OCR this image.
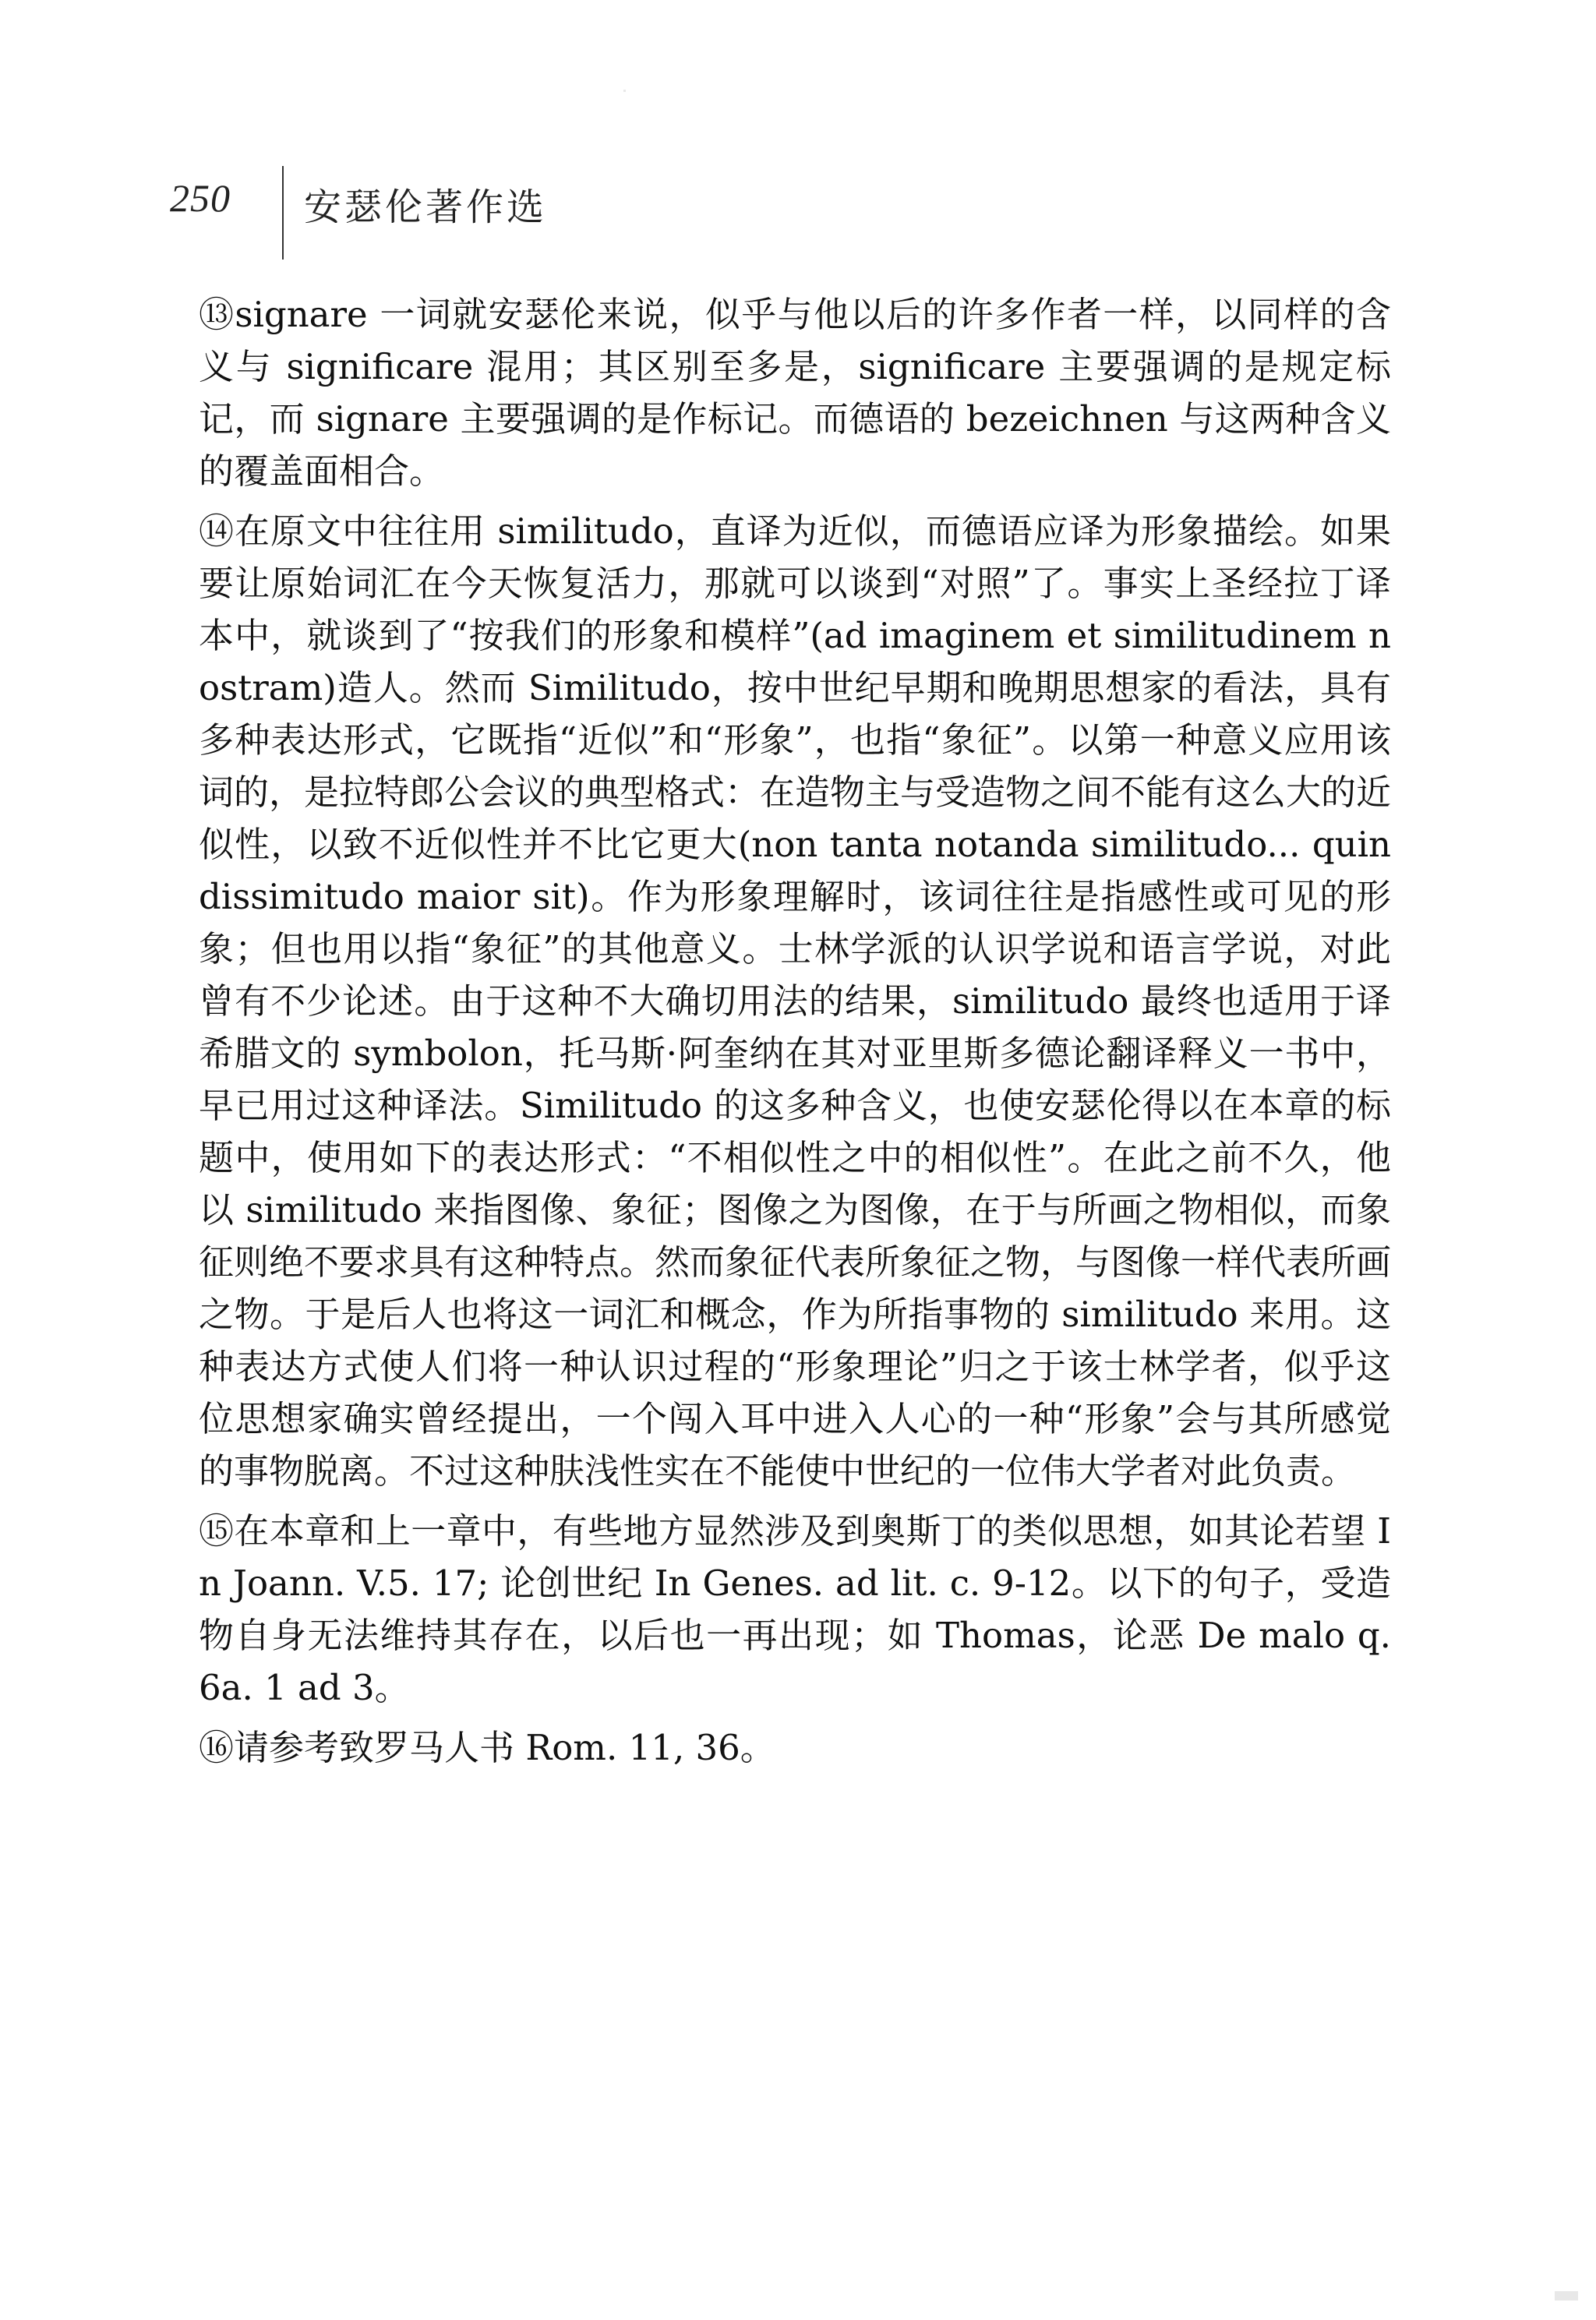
250 安瑟伦著作选

⑬signare 一词就安瑟伦来说，似乎与他以后的许多作者一样，以同样的含义与 significare 混用；其区别至多是，significare 主要强调的是规定标记，而 signare 主要强调的是作标记。而德语的 bezeichnen 与这两种含义的覆盖面相合。

⑭在原文中往往用 similitudo，直译为近似，而德语应译为形象描绘。如果要让原始词汇在今天恢复活力，那就可以谈到“对照”了。事实上圣经拉丁译本中，就谈到了“按我们的形象和模样”(ad imaginem et similitudinem nostram)造人。然而 Similitudo，按中世纪早期和晚期思想家的看法，具有多种表达形式，它既指“近似”和“形象”，也指“象征”。以第一种意义应用该词的，是拉特郎公会议的典型格式：在造物主与受造物之间不能有这么大的近似性，以致不近似性并不比它更大(non tanta notanda similitudo... quin dissimitudo maior sit)。作为形象理解时，该词往往是指感性或可见的形象；但也用以指“象征”的其他意义。士林学派的认识学说和语言学说，对此曾有不少论述。由于这种不大确切用法的结果，similitudo 最终也适用于译希腊文的 symbolon，托马斯·阿奎纳在其对亚里斯多德论翻译释义一书中，早已用过这种译法。Similitudo 的这多种含义，也使安瑟伦得以在本章的标题中，使用如下的表达形式：“不相似性之中的相似性”。在此之前不久，他以 similitudo 来指图像、象征；图像之为图像，在于与所画之物相似，而象征则绝不要求具有这种特点。然而象征代表所象征之物，与图像一样代表所画之物。于是后人也将这一词汇和概念，作为所指事物的 similitudo 来用。这种表达方式使人们将一种认识过程的“形象理论”归之于该士林学者，似乎这位思想家确实曾经提出，一个闯入耳中进入人心的一种“形象”会与其所感觉的事物脱离。不过这种肤浅性实在不能使中世纪的一位伟大学者对此负责。

⑮在本章和上一章中，有些地方显然涉及到奥斯丁的类似思想，如其论若望 In Joann. V.5. 17; 论创世纪 In Genes. ad lit. c. 9-12。以下的句子，受造物自身无法维持其存在，以后也一再出现；如 Thomas，论恶 De malo q. 6a. 1 ad 3。

⑯请参考致罗马人书 Rom. 11, 36。
